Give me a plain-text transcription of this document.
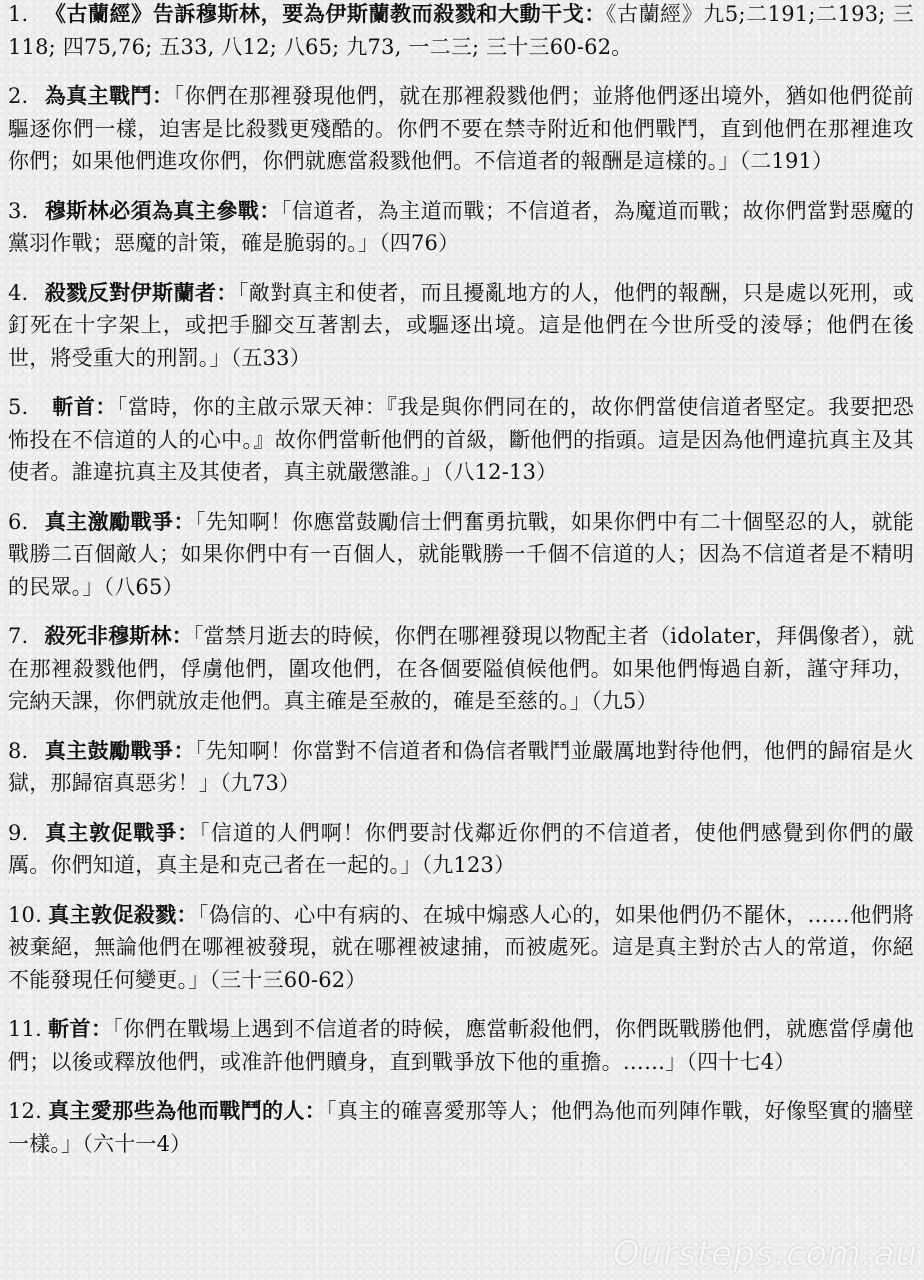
1. 《古蘭經》告訴穆斯林，要為伊斯蘭教而殺戮和大動干戈：《古蘭經》九5;二191;二193; 三118; 四75,76; 五33, 八12; 八65; 九73, 一二三; 三十三60-62。

2. 為真主戰鬥：「你們在那裡發現他們，就在那裡殺戮他們；並將他們逐出境外，猶如他們從前驅逐你們一樣，迫害是比殺戮更殘酷的。你們不要在禁寺附近和他們戰鬥，直到他們在那裡進攻你們；如果他們進攻你們，你們就應當殺戮他們。不信道者的報酬是這樣的。」（二191）

3. 穆斯林必須為真主參戰：「信道者，為主道而戰；不信道者，為魔道而戰；故你們當對惡魔的黨羽作戰；惡魔的計策，確是脆弱的。」（四76）

4. 殺戮反對伊斯蘭者：「敵對真主和使者，而且擾亂地方的人，他們的報酬，只是處以死刑，或釘死在十字架上，或把手腳交互著割去，或驅逐出境。這是他們在今世所受的淩辱；他們在後世，將受重大的刑罰。」（五33）

5. 斬首：「當時，你的主啟示眾天神：『我是與你們同在的，故你們當使信道者堅定。我要把恐怖投在不信道的人的心中。』故你們當斬他們的首級，斷他們的指頭。這是因為他們違抗真主及其使者。誰違抗真主及其使者，真主就嚴懲誰。」（八12-13）

6. 真主激勵戰爭：「先知啊！你應當鼓勵信士們奮勇抗戰，如果你們中有二十個堅忍的人，就能戰勝二百個敵人；如果你們中有一百個人，就能戰勝一千個不信道的人；因為不信道者是不精明的民眾。」（八65）

7. 殺死非穆斯林：「當禁月逝去的時候，你們在哪裡發現以物配主者（idolater，拜偶像者），就在那裡殺戮他們，俘虜他們，圍攻他們，在各個要隘偵候他們。如果他們悔過自新，謹守拜功，完納天課，你們就放走他們。真主確是至赦的，確是至慈的。」（九5）

8. 真主鼓勵戰爭：「先知啊！你當對不信道者和偽信者戰鬥並嚴厲地對待他們，他們的歸宿是火獄，那歸宿真惡劣！」（九73）

9. 真主敦促戰爭：「信道的人們啊！你們要討伐鄰近你們的不信道者，使他們感覺到你們的嚴厲。你們知道，真主是和克己者在一起的。」（九123）

10. 真主敦促殺戮：「偽信的、心中有病的、在城中煽惑人心的，如果他們仍不罷休，……他們將被棄絕，無論他們在哪裡被發現，就在哪裡被逮捕，而被處死。這是真主對於古人的常道，你絕不能發現任何變更。」（三十三60-62）

11. 斬首：「你們在戰場上遇到不信道者的時候，應當斬殺他們，你們既戰勝他們，就應當俘虜他們；以後或釋放他們，或准許他們贖身，直到戰爭放下他的重擔。……」（四十七4）

12. 真主愛那些為他而戰鬥的人：「真主的確喜愛那等人；他們為他而列陣作戰，好像堅實的牆壁一樣。」（六十一4）

Oursteps.com.au
